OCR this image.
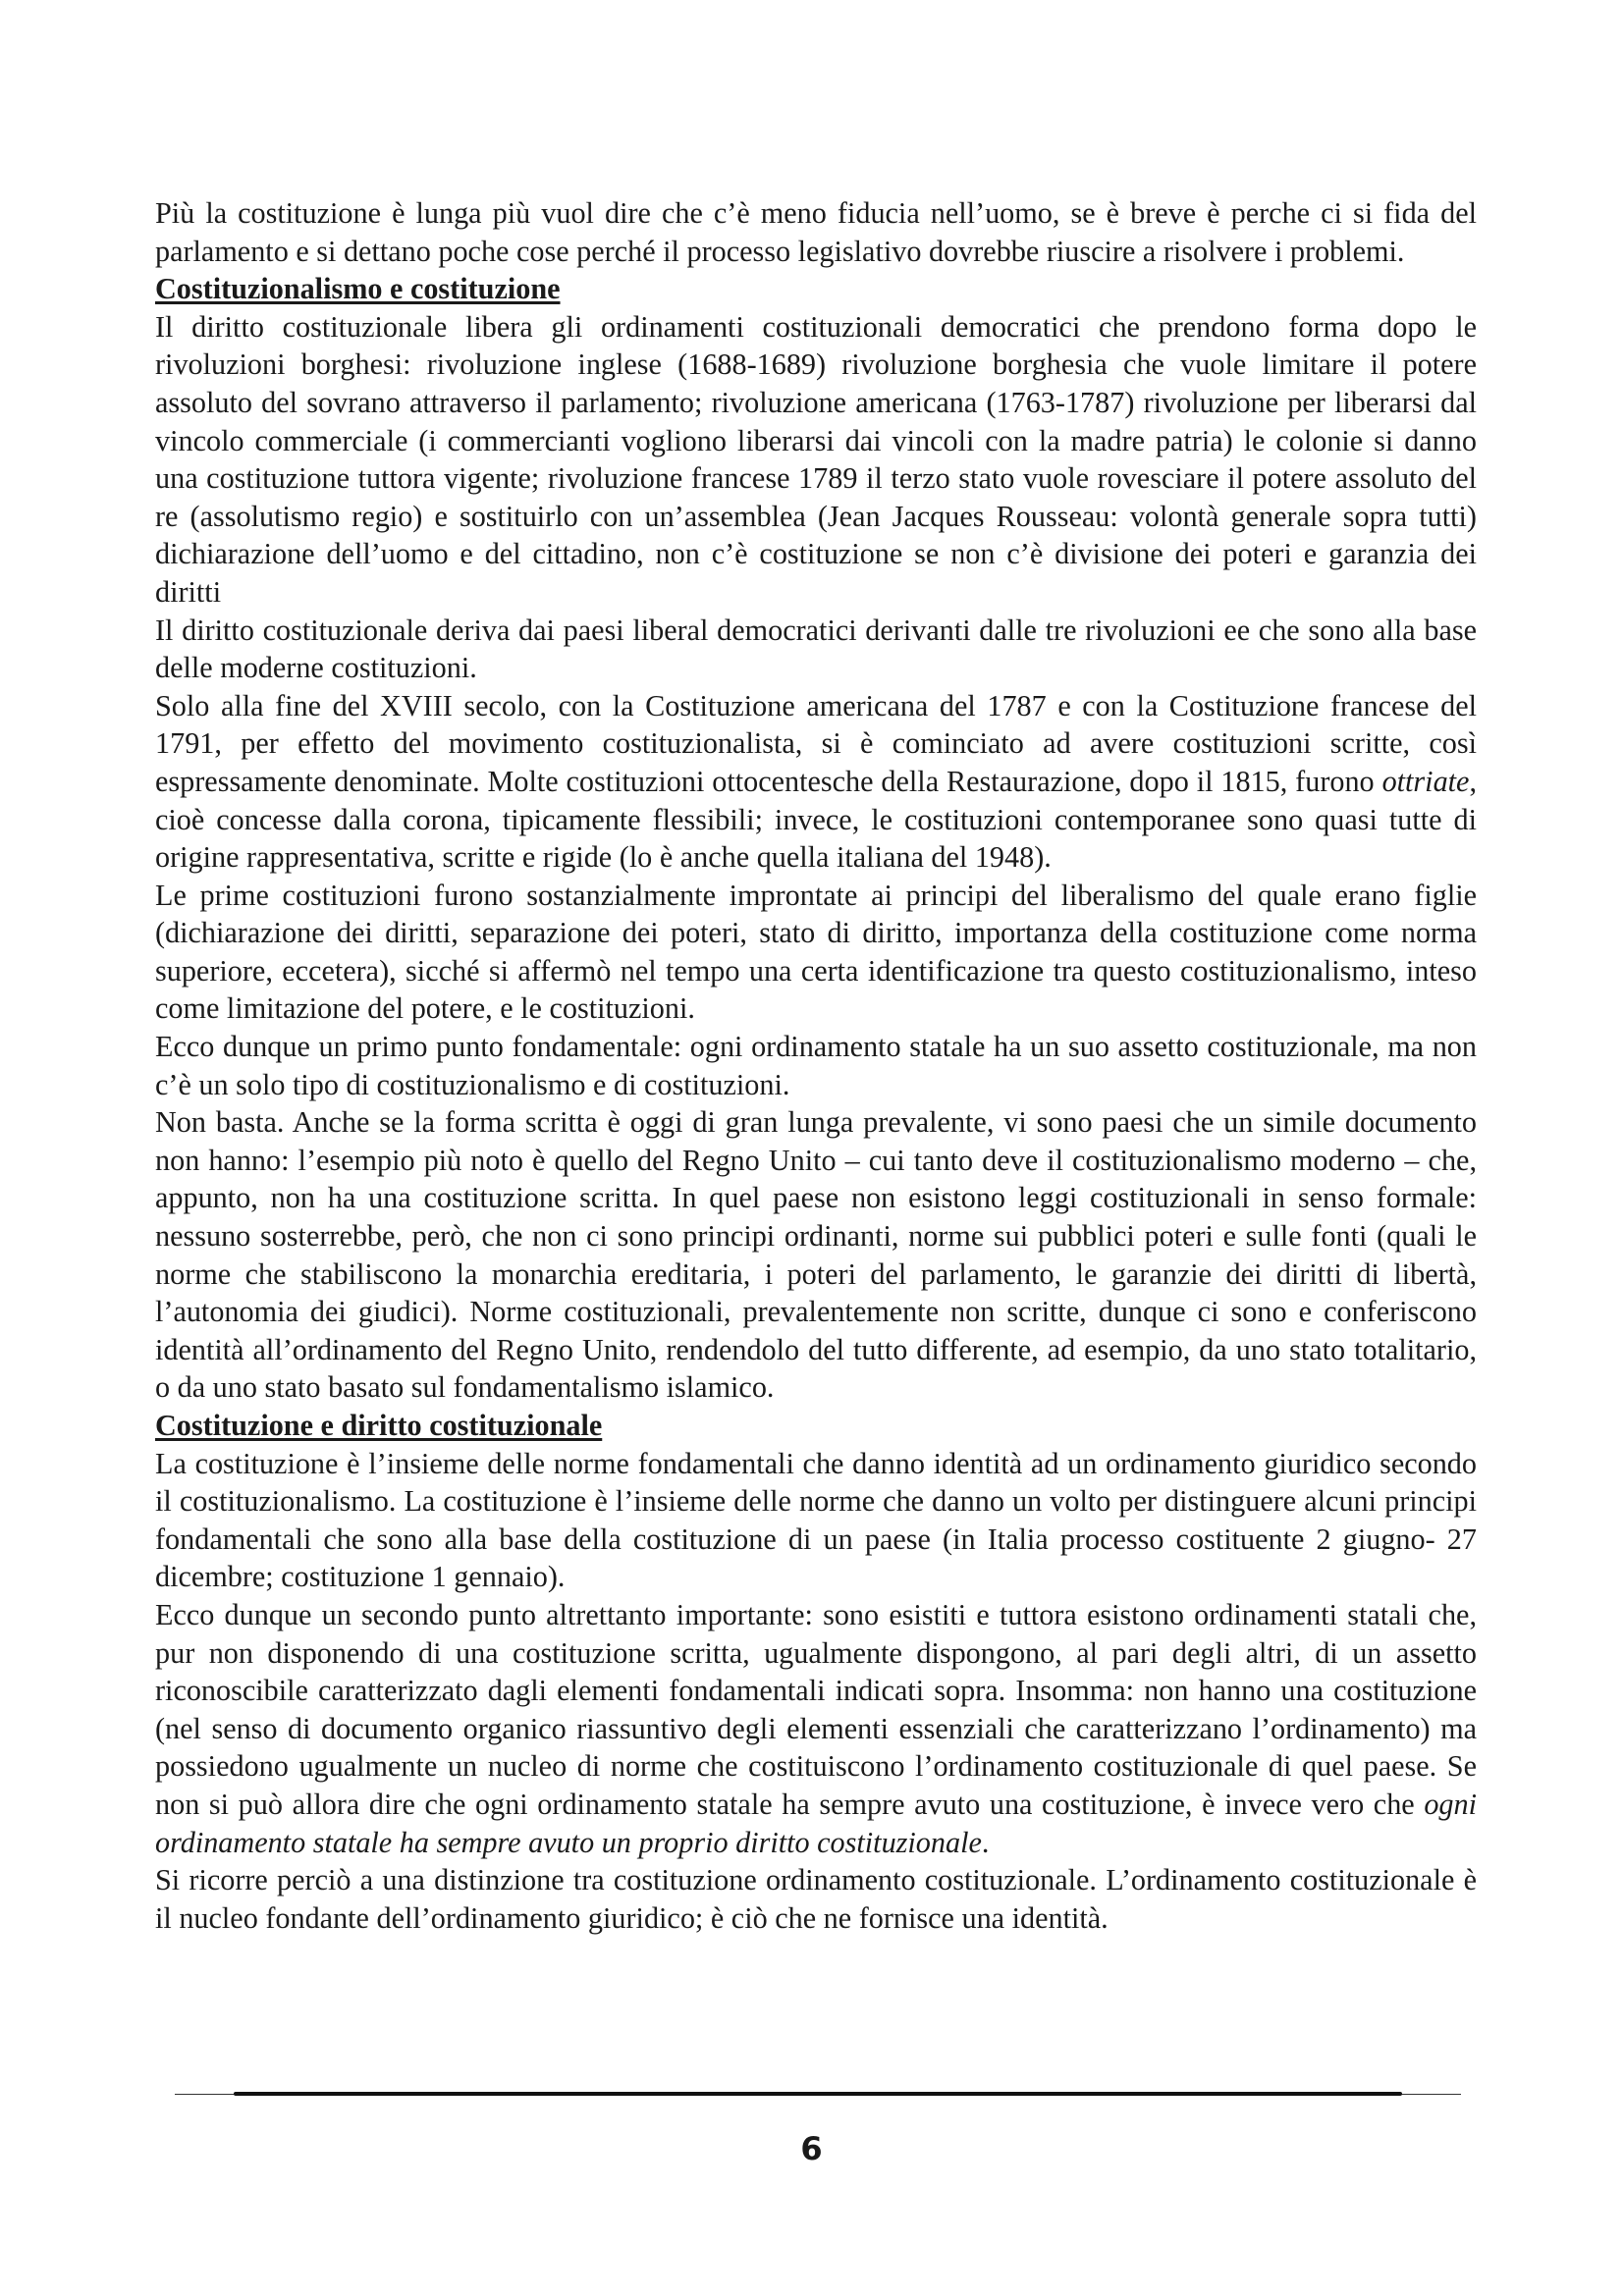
Più la costituzione è lunga più vuol dire che c’è meno fiducia nell’uomo, se è breve è perche ci si fida del parlamento e si dettano poche cose perché il processo legislativo dovrebbe riuscire a risolvere i problemi.

Costituzionalismo e costituzione

Il diritto costituzionale libera gli ordinamenti costituzionali democratici che prendono forma dopo le rivoluzioni borghesi: rivoluzione inglese (1688-1689) rivoluzione borghesia che vuole limitare il potere assoluto del sovrano attraverso il parlamento; rivoluzione americana (1763-1787) rivoluzione per liberarsi dal vincolo commerciale (i commercianti vogliono liberarsi dai vincoli con la madre patria) le colonie si danno una costituzione tuttora vigente; rivoluzione francese 1789 il terzo stato vuole rovesciare il potere assoluto del re (assolutismo regio) e sostituirlo con un’assemblea (Jean Jacques Rousseau: volontà generale sopra tutti) dichiarazione dell’uomo e del cittadino, non c’è costituzione se non c’è divisione dei poteri e garanzia dei diritti

Il diritto costituzionale deriva dai paesi liberal democratici derivanti dalle tre rivoluzioni ee che sono alla base delle moderne costituzioni.

Solo alla fine del XVIII secolo, con la Costituzione americana del 1787 e con la Costituzione francese del 1791, per effetto del movimento costituzionalista, si è cominciato ad avere costituzioni scritte, così espressamente denominate. Molte costituzioni ottocentesche della Restaurazione, dopo il 1815, furono ottriate, cioè concesse dalla corona, tipicamente flessibili; invece, le costituzioni contemporanee sono quasi tutte di origine rappresentativa, scritte e rigide (lo è anche quella italiana del 1948).

Le prime costituzioni furono sostanzialmente improntate ai principi del liberalismo del quale erano figlie (dichiarazione dei diritti, separazione dei poteri, stato di diritto, importanza della costituzione come norma superiore, eccetera), sicché si affermò nel tempo una certa identificazione tra questo costituzionalismo, inteso come limitazione del potere, e le costituzioni.

Ecco dunque un primo punto fondamentale: ogni ordinamento statale ha un suo assetto costituzionale, ma non c’è un solo tipo di costituzionalismo e di costituzioni.

Non basta. Anche se la forma scritta è oggi di gran lunga prevalente, vi sono paesi che un simile documento non hanno: l’esempio più noto è quello del Regno Unito – cui tanto deve il costituzionalismo moderno – che, appunto, non ha una costituzione scritta. In quel paese non esistono leggi costituzionali in senso formale: nessuno sosterrebbe, però, che non ci sono principi ordinanti, norme sui pubblici poteri e sulle fonti (quali le norme che stabiliscono la monarchia ereditaria, i poteri del parlamento, le garanzie dei diritti di libertà, l’autonomia dei giudici). Norme costituzionali, prevalentemente non scritte, dunque ci sono e conferiscono identità all’ordinamento del Regno Unito, rendendolo del tutto differente, ad esempio, da uno stato totalitario, o da uno stato basato sul fondamentalismo islamico.

Costituzione e diritto costituzionale

La costituzione è l’insieme delle norme fondamentali che danno identità ad un ordinamento giuridico secondo il costituzionalismo. La costituzione è l’insieme delle norme che danno un volto per distinguere alcuni principi fondamentali che sono alla base della costituzione di un paese (in Italia processo costituente 2 giugno- 27 dicembre; costituzione 1 gennaio).

Ecco dunque un secondo punto altrettanto importante: sono esistiti e tuttora esistono ordinamenti statali che, pur non disponendo di una costituzione scritta, ugualmente dispongono, al pari degli altri, di un assetto riconoscibile caratterizzato dagli elementi fondamentali indicati sopra. Insomma: non hanno una costituzione (nel senso di documento organico riassuntivo degli elementi essenziali che caratterizzano l’ordinamento) ma possiedono ugualmente un nucleo di norme che costituiscono l’ordinamento costituzionale di quel paese. Se non si può allora dire che ogni ordinamento statale ha sempre avuto una costituzione, è invece vero che ogni ordinamento statale ha sempre avuto un proprio diritto costituzionale.

Si ricorre perciò a una distinzione tra costituzione ordinamento costituzionale. L’ordinamento costituzionale è il nucleo fondante dell’ordinamento giuridico; è ciò che ne fornisce una identità.

6
